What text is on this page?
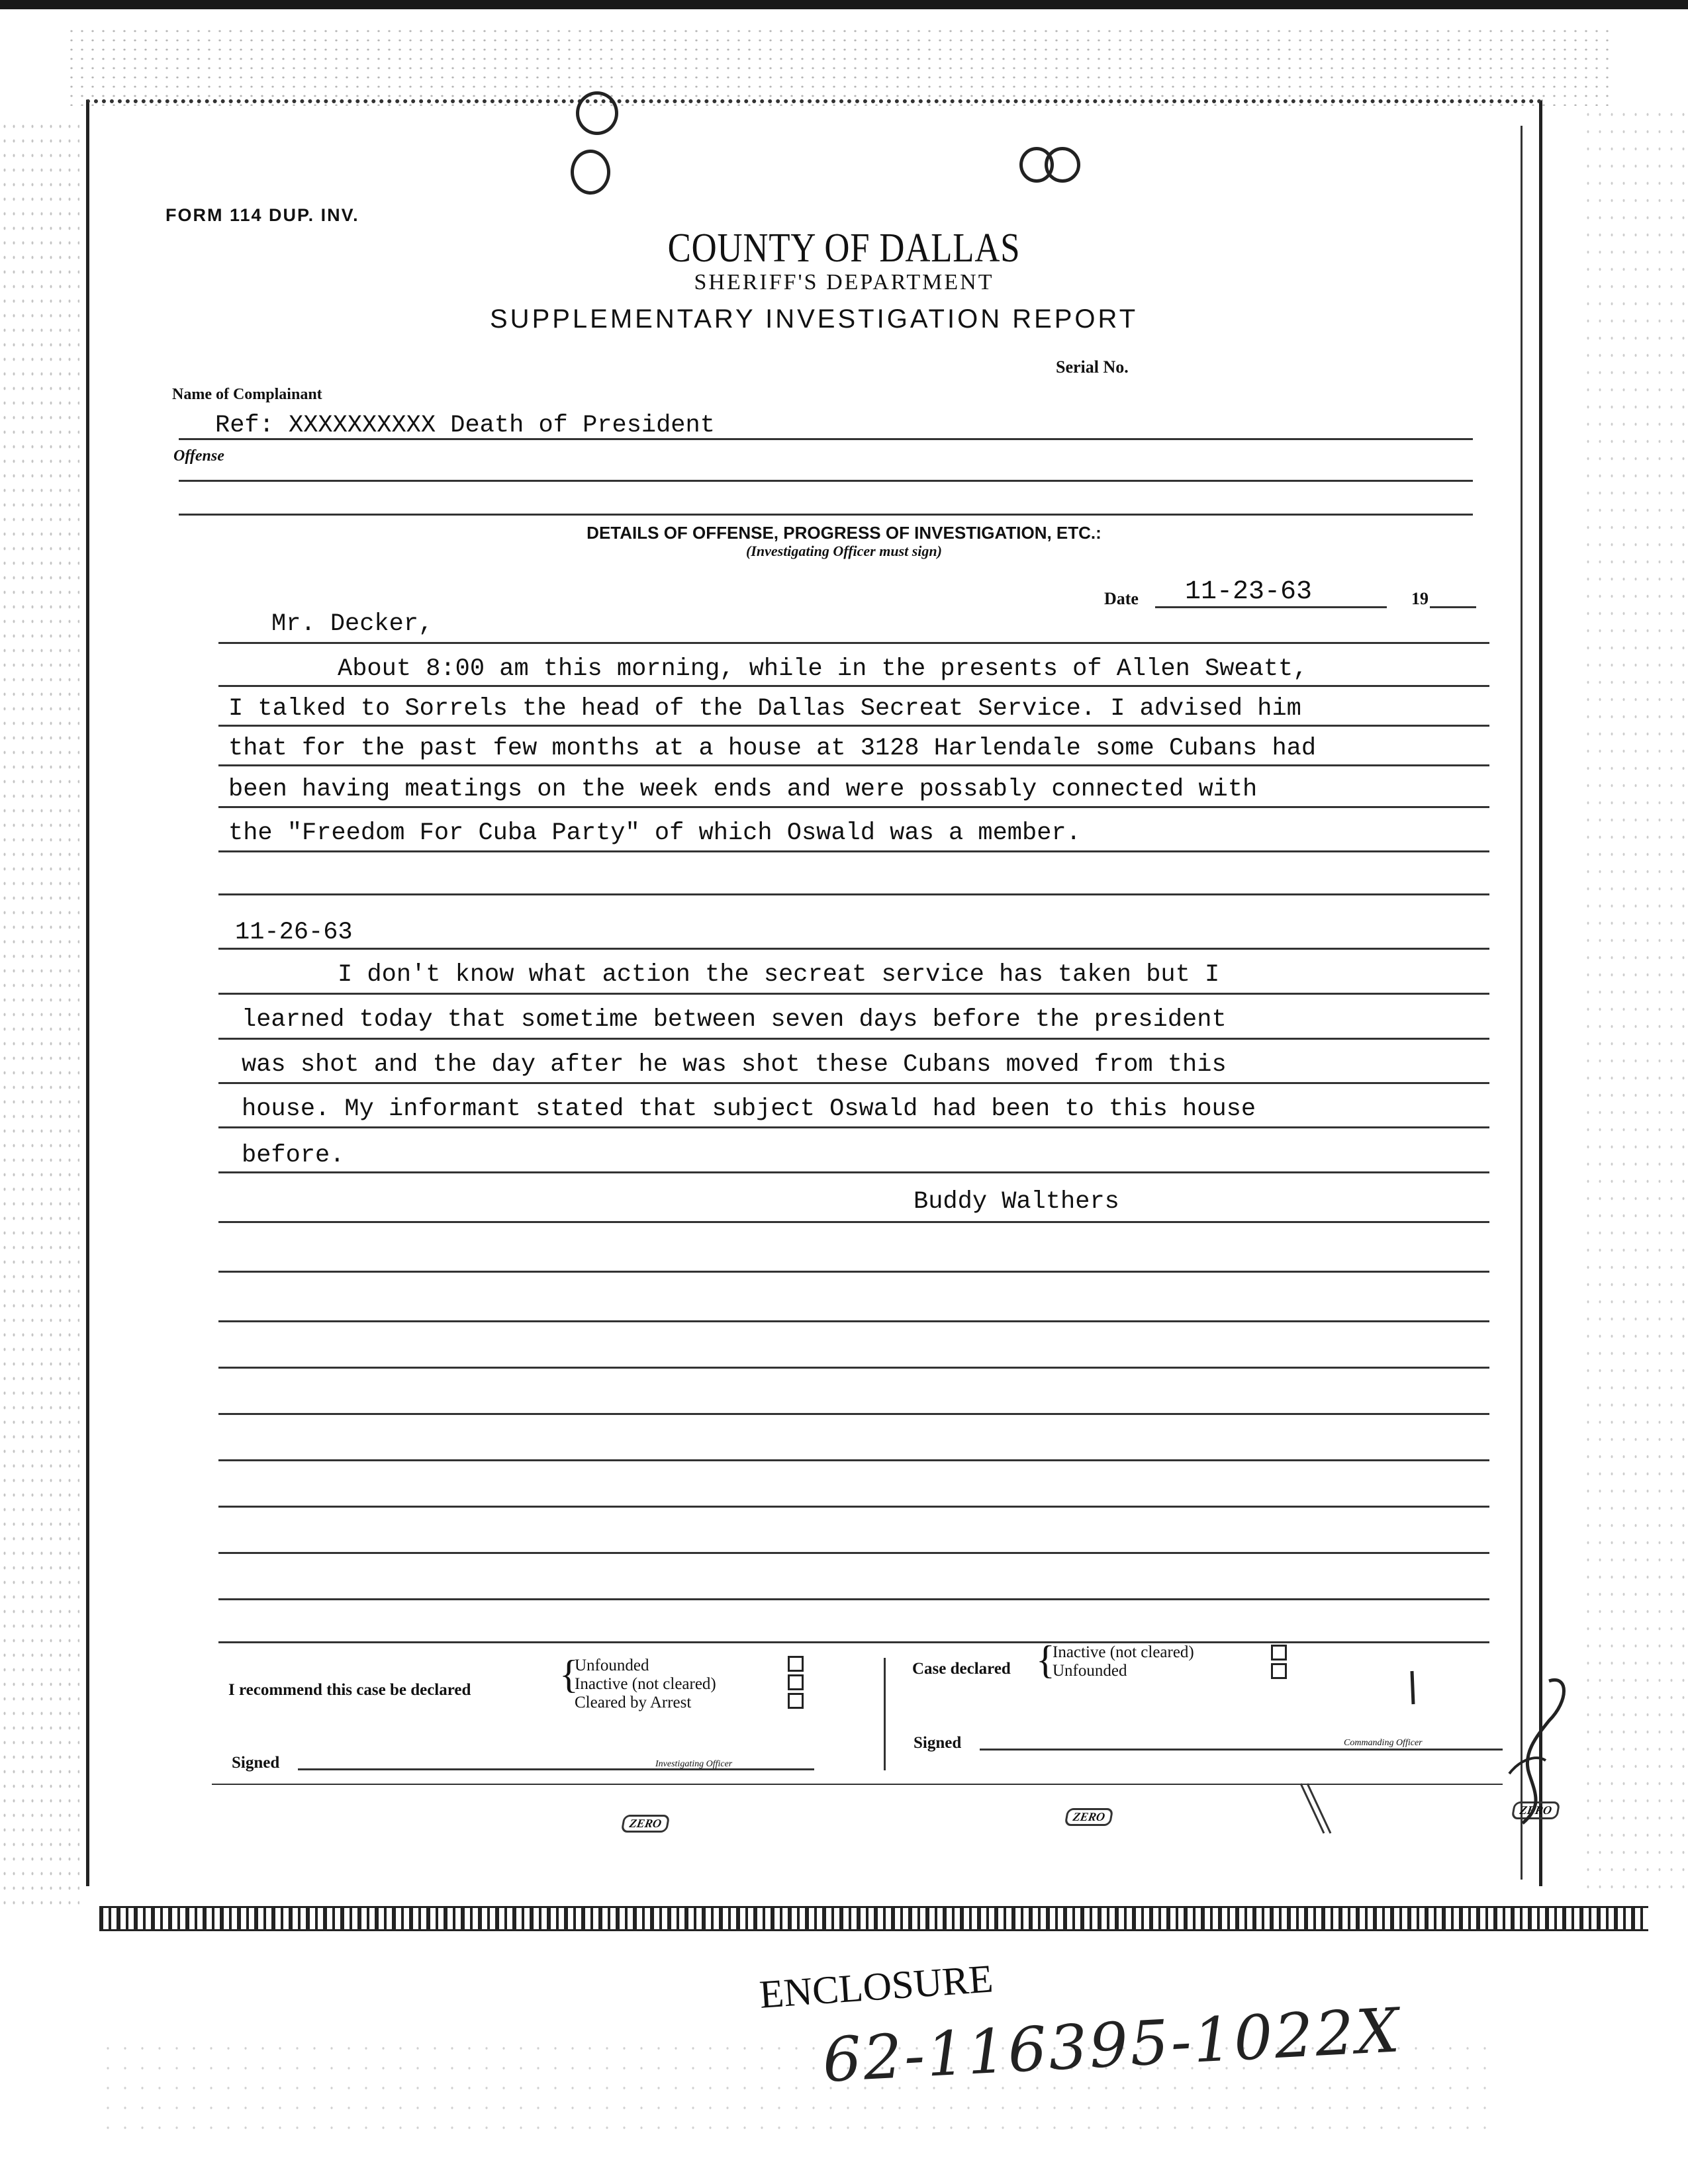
FORM 114 DUP. INV.
COUNTY OF DALLAS
SHERIFF'S DEPARTMENT
SUPPLEMENTARY INVESTIGATION REPORT
Name of Complainant
Serial No.
Ref: XXXXXXXXXX Death of President
Offense
DETAILS OF OFFENSE, PROGRESS OF INVESTIGATION, ETC.:
(Investigating Officer must sign)
Date 11-23-63	19
Mr. Decker,
About 8:00 am this morning, while in the presents of Allen Sweatt,
I talked to Sorrels the head of the Dallas Secreat Service. I advised him
that for the past few months at a house at 3128 Harlendale some Cubans had
been having meatings on the week ends and were possably connected with
the "Freedom For Cuba Party" of which Oswald was a member.
11-26-63
I don't know what action the secreat service has taken but I
learned today that sometime between seven days before the president
was shot and the day after he was shot these Cubans moved from this
house. My informant stated that subject Oswald had been to this house
before.
Buddy Walthers
I recommend this case be declared {
Unfounded
Inactive (not cleared)
Cleared by Arrest
Case declared {
Inactive (not cleared)
Unfounded
Signed	Investigating Officer
Signed	Commanding Officer
ZERO	ZERO	ZERO
ENCLOSURE
62-116395-1022X
